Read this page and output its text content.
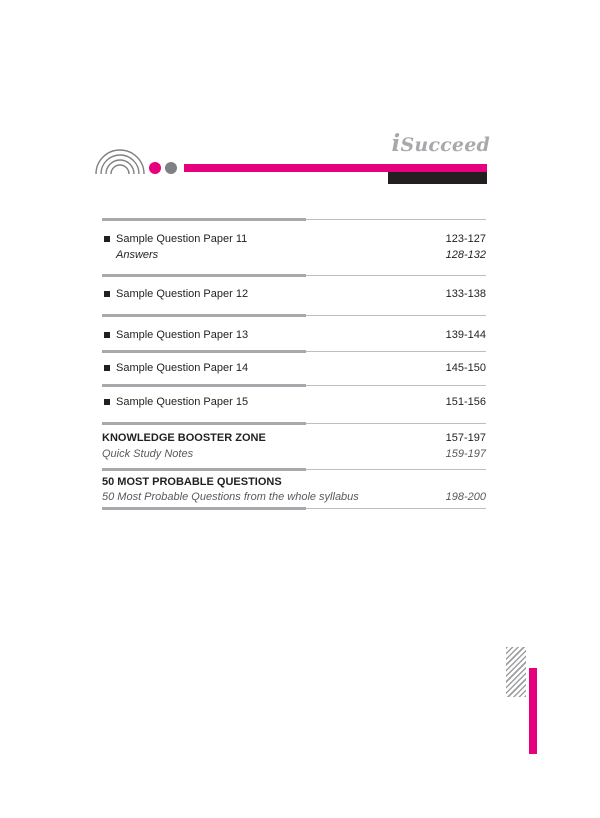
iSucceed
Sample Question Paper 11	123-127
Answers	128-132
Sample Question Paper 12	133-138
Sample Question Paper 13	139-144
Sample Question Paper 14	145-150
Sample Question Paper 15	151-156
KNOWLEDGE BOOSTER ZONE	157-197
Quick Study Notes	159-197
50 MOST PROBABLE QUESTIONS
50 Most Probable Questions from the whole syllabus	198-200
